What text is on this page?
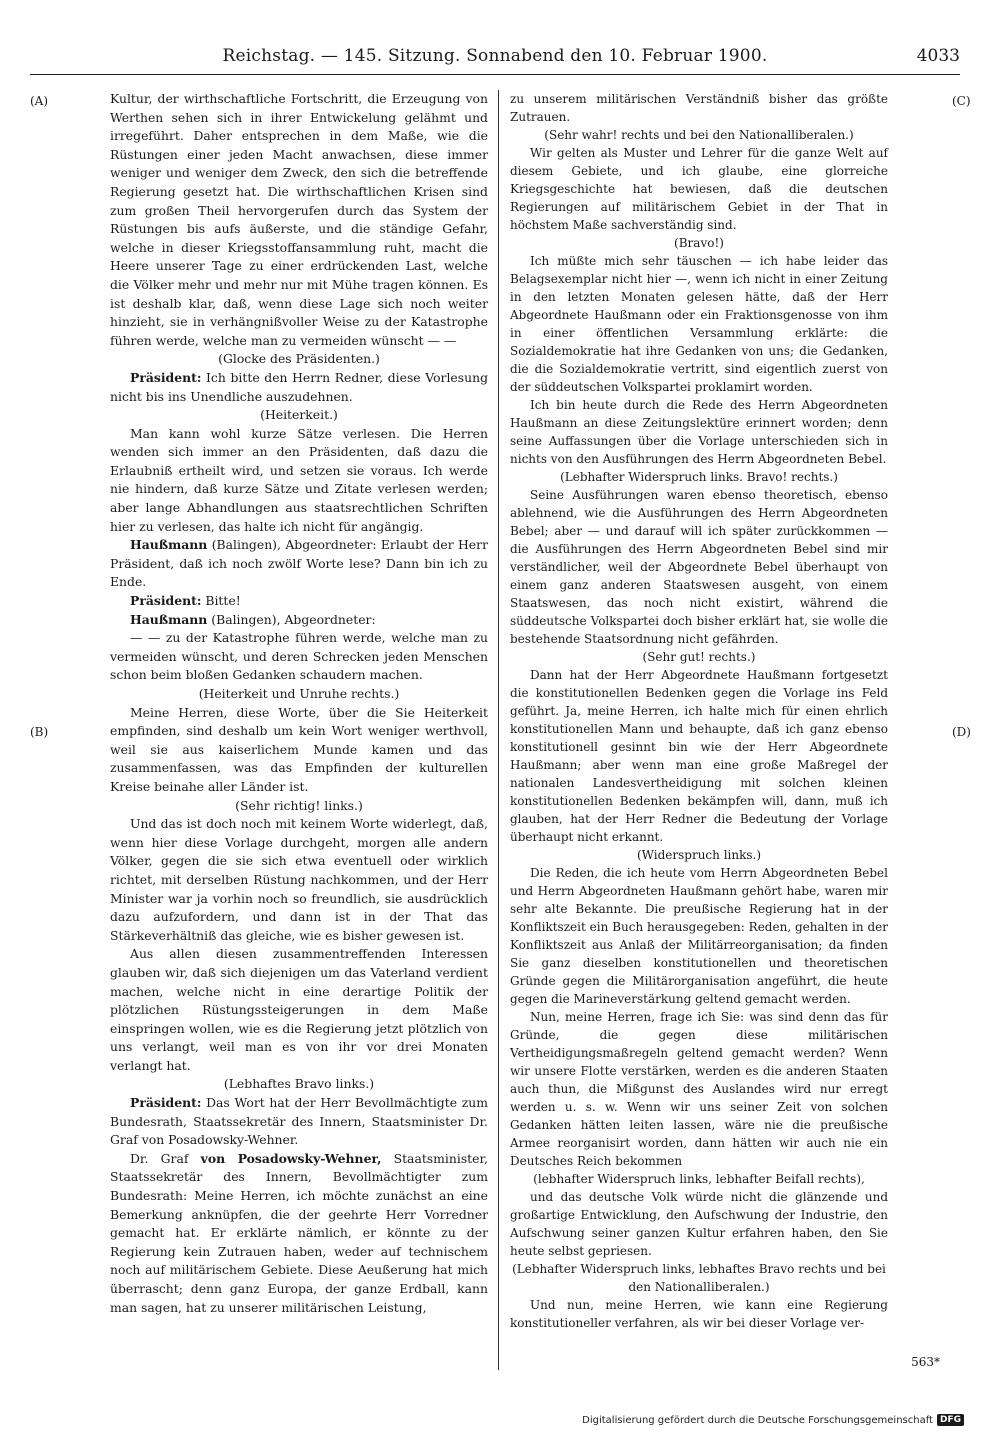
Reichstag. — 145. Sitzung. Sonnabend den 10. Februar 1900.	4033
(A)
(B)
(C)
(D)

Kultur, der wirthschaftliche Fortschritt, die Erzeugung von Werthen sehen sich in ihrer Entwickelung gelähmt und irregeführt. Daher entsprechen in dem Maße, wie die Rüstungen einer jeden Macht anwachsen, diese immer weniger und weniger dem Zweck, den sich die betreffende Regierung gesetzt hat. Die wirthschaftlichen Krisen sind zum großen Theil hervorgerufen durch das System der Rüstungen bis aufs äußerste, und die ständige Gefahr, welche in dieser Kriegsstoffansammlung ruht, macht die Heere unserer Tage zu einer erdrückenden Last, welche die Völker mehr und mehr nur mit Mühe tragen können. Es ist deshalb klar, daß, wenn diese Lage sich noch weiter hinzieht, sie in verhängnißvoller Weise zu der Katastrophe führen werde, welche man zu vermeiden wünscht — —

(Glocke des Präsidenten.)

Präsident: Ich bitte den Herrn Redner, diese Vorlesung nicht bis ins Unendliche auszudehnen.

(Heiterkeit.)

Man kann wohl kurze Sätze verlesen. Die Herren wenden sich immer an den Präsidenten, daß dazu die Erlaubniß ertheilt wird, und setzen sie voraus. Ich werde nie hindern, daß kurze Sätze und Zitate verlesen werden; aber lange Abhandlungen aus staatsrechtlichen Schriften hier zu verlesen, das halte ich nicht für angängig.

Haußmann (Balingen), Abgeordneter: Erlaubt der Herr Präsident, daß ich noch zwölf Worte lese? Dann bin ich zu Ende.

Präsident: Bitte!

Haußmann (Balingen), Abgeordneter:

— — zu der Katastrophe führen werde, welche man zu vermeiden wünscht, und deren Schrecken jeden Menschen schon beim bloßen Gedanken schaudern machen.

(Heiterkeit und Unruhe rechts.)

Meine Herren, diese Worte, über die Sie Heiterkeit empfinden, sind deshalb um kein Wort weniger werthvoll, weil sie aus kaiserlichem Munde kamen und das zusammenfassen, was das Empfinden der kulturellen Kreise beinahe aller Länder ist.

(Sehr richtig! links.)

Und das ist doch noch mit keinem Worte widerlegt, daß, wenn hier diese Vorlage durchgeht, morgen alle andern Völker, gegen die sie sich etwa eventuell oder wirklich richtet, mit derselben Rüstung nachkommen, und der Herr Minister war ja vorhin noch so freundlich, sie ausdrücklich dazu aufzufordern, und dann ist in der That das Stärkeverhältniß das gleiche, wie es bisher gewesen ist.

Aus allen diesen zusammentreffenden Interessen glauben wir, daß sich diejenigen um das Vaterland verdient machen, welche nicht in eine derartige Politik der plötzlichen Rüstungssteigerungen in dem Maße einspringen wollen, wie es die Regierung jetzt plötzlich von uns verlangt, weil man es von ihr vor drei Monaten verlangt hat.

(Lebhaftes Bravo links.)

Präsident: Das Wort hat der Herr Bevollmächtigte zum Bundesrath, Staatssekretär des Innern, Staatsminister Dr. Graf von Posadowsky-Wehner.

Dr. Graf von Posadowsky-Wehner, Staatsminister, Staatssekretär des Innern, Bevollmächtigter zum Bundesrath: Meine Herren, ich möchte zunächst an eine Bemerkung anknüpfen, die der geehrte Herr Vorredner gemacht hat. Er erklärte nämlich, er könnte zu der Regierung kein Zutrauen haben, weder auf technischem noch auf militärischem Gebiete. Diese Aeußerung hat mich überrascht; denn ganz Europa, der ganze Erdball, kann man sagen, hat zu unserer militärischen Leistung,

zu unserem militärischen Verständniß bisher das größte Zutrauen.

(Sehr wahr! rechts und bei den Nationalliberalen.)

Wir gelten als Muster und Lehrer für die ganze Welt auf diesem Gebiete, und ich glaube, eine glorreiche Kriegsgeschichte hat bewiesen, daß die deutschen Regierungen auf militärischem Gebiet in der That in höchstem Maße sachverständig sind.

(Bravo!)

Ich müßte mich sehr täuschen — ich habe leider das Belagsexemplar nicht hier —, wenn ich nicht in einer Zeitung in den letzten Monaten gelesen hätte, daß der Herr Abgeordnete Haußmann oder ein Fraktionsgenosse von ihm in einer öffentlichen Versammlung erklärte: die Sozialdemokratie hat ihre Gedanken von uns; die Gedanken, die die Sozialdemokratie vertritt, sind eigentlich zuerst von der süddeutschen Volkspartei proklamirt worden.

Ich bin heute durch die Rede des Herrn Abgeordneten Haußmann an diese Zeitungslektüre erinnert worden; denn seine Auffassungen über die Vorlage unterschieden sich in nichts von den Ausführungen des Herrn Abgeordneten Bebel.

(Lebhafter Widerspruch links. Bravo! rechts.)

Seine Ausführungen waren ebenso theoretisch, ebenso ablehnend, wie die Ausführungen des Herrn Abgeordneten Bebel; aber — und darauf will ich später zurückkommen — die Ausführungen des Herrn Abgeordneten Bebel sind mir verständlicher, weil der Abgeordnete Bebel überhaupt von einem ganz anderen Staatswesen ausgeht, von einem Staatswesen, das noch nicht existirt, während die süddeutsche Volkspartei doch bisher erklärt hat, sie wolle die bestehende Staatsordnung nicht gefährden.

(Sehr gut! rechts.)

Dann hat der Herr Abgeordnete Haußmann fortgesetzt die konstitutionellen Bedenken gegen die Vorlage ins Feld geführt. Ja, meine Herren, ich halte mich für einen ehrlich konstitutionellen Mann und behaupte, daß ich ganz ebenso konstitutionell gesinnt bin wie der Herr Abgeordnete Haußmann; aber wenn man eine große Maßregel der nationalen Landesvertheidigung mit solchen kleinen konstitutionellen Bedenken bekämpfen will, dann, muß ich glauben, hat der Herr Redner die Bedeutung der Vorlage überhaupt nicht erkannt.

(Widerspruch links.)

Die Reden, die ich heute vom Herrn Abgeordneten Bebel und Herrn Abgeordneten Haußmann gehört habe, waren mir sehr alte Bekannte. Die preußische Regierung hat in der Konfliktszeit ein Buch herausgegeben: Reden, gehalten in der Konfliktszeit aus Anlaß der Militärreorganisation; da finden Sie ganz dieselben konstitutionellen und theoretischen Gründe gegen die Militärorganisation angeführt, die heute gegen die Marineverstärkung geltend gemacht werden.

Nun, meine Herren, frage ich Sie: was sind denn das für Gründe, die gegen diese militärischen Vertheidigungsmaßregeln geltend gemacht werden? Wenn wir unsere Flotte verstärken, werden es die anderen Staaten auch thun, die Mißgunst des Auslandes wird nur erregt werden u. s. w. Wenn wir uns seiner Zeit von solchen Gedanken hätten leiten lassen, wäre nie die preußische Armee reorganisirt worden, dann hätten wir auch nie ein Deutsches Reich bekommen

(lebhafter Widerspruch links, lebhafter Beifall rechts),

und das deutsche Volk würde nicht die glänzende und großartige Entwicklung, den Aufschwung der Industrie, den Aufschwung seiner ganzen Kultur erfahren haben, den Sie heute selbst gepriesen.

(Lebhafter Widerspruch links, lebhaftes Bravo rechts und bei den Nationalliberalen.)

Und nun, meine Herren, wie kann eine Regierung konstitutioneller verfahren, als wir bei dieser Vorlage ver-

563*
Digitalisierung gefördert durch die Deutsche Forschungsgemeinschaft DFG
